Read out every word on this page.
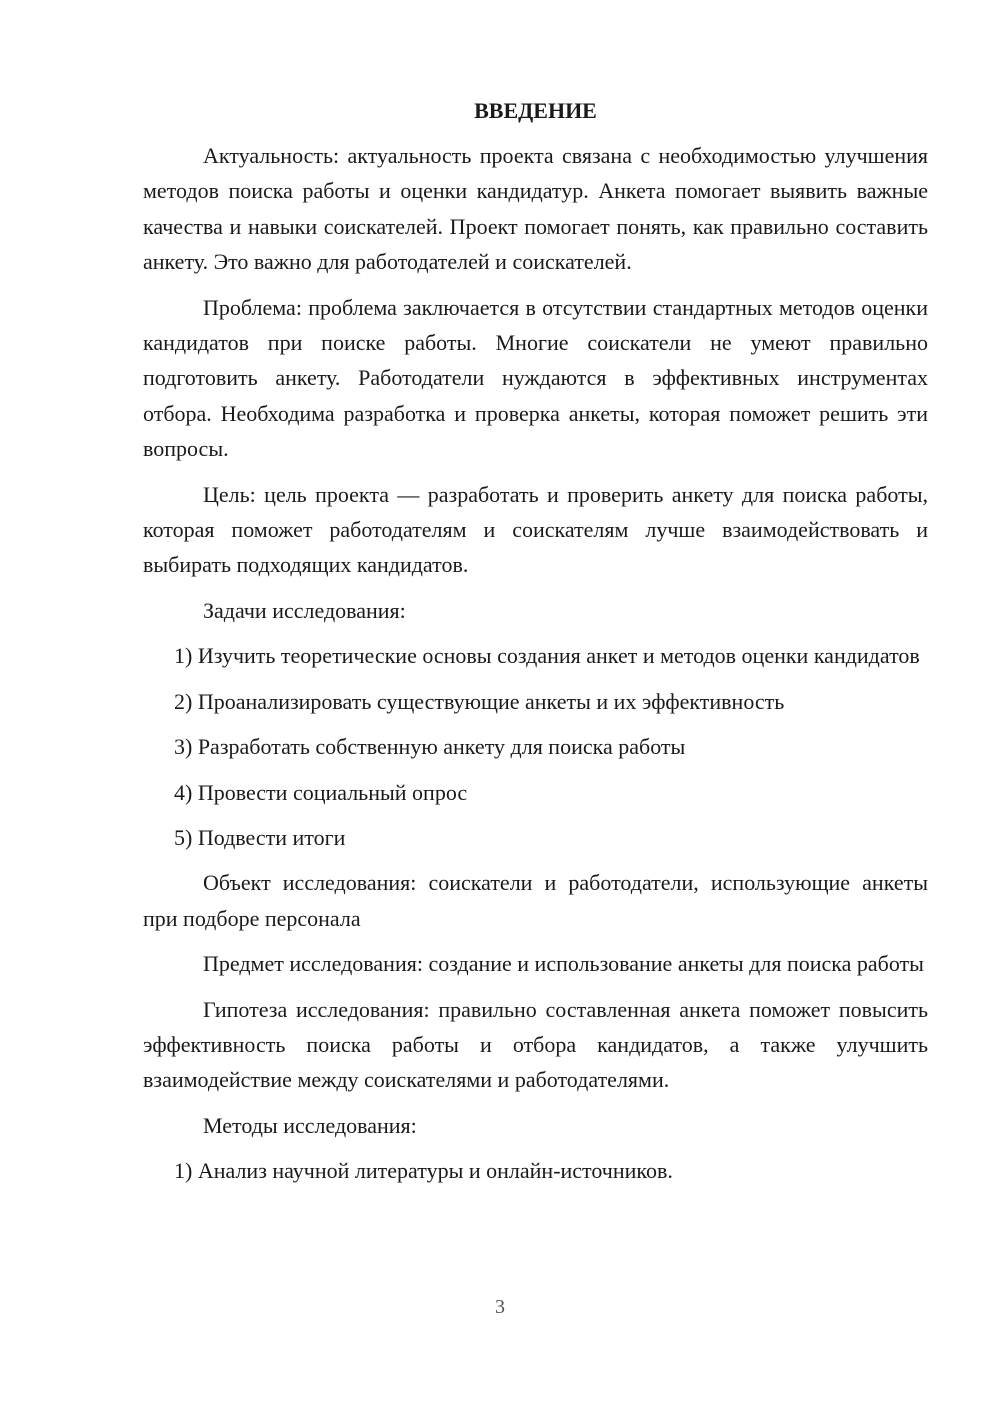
ВВЕДЕНИЕ

Актуальность: актуальность проекта связана с необходимостью улучшения методов поиска работы и оценки кандидатур. Анкета помогает выявить важные качества и навыки соискателей. Проект помогает понять, как правильно составить анкету. Это важно для работодателей и соискателей.

Проблема: проблема заключается в отсутствии стандартных методов оценки кандидатов при поиске работы. Многие соискатели не умеют правильно подготовить анкету. Работодатели нуждаются в эффективных инструментах отбора. Необходима разработка и проверка анкеты, которая поможет решить эти вопросы.

Цель: цель проекта — разработать и проверить анкету для поиска работы, которая поможет работодателям и соискателям лучше взаимодействовать и выбирать подходящих кандидатов.

Задачи исследования:

1) Изучить теоретические основы создания анкет и методов оценки кандидатов

2) Проанализировать существующие анкеты и их эффективность

3) Разработать собственную анкету для поиска работы

4) Провести социальный опрос

5) Подвести итоги

Объект исследования: соискатели и работодатели, использующие анкеты при подборе персонала

Предмет исследования: создание и использование анкеты для поиска работы

Гипотеза исследования: правильно составленная анкета поможет повысить эффективность поиска работы и отбора кандидатов, а также улучшить взаимодействие между соискателями и работодателями.

Методы исследования:

1) Анализ научной литературы и онлайн-источников.

3
